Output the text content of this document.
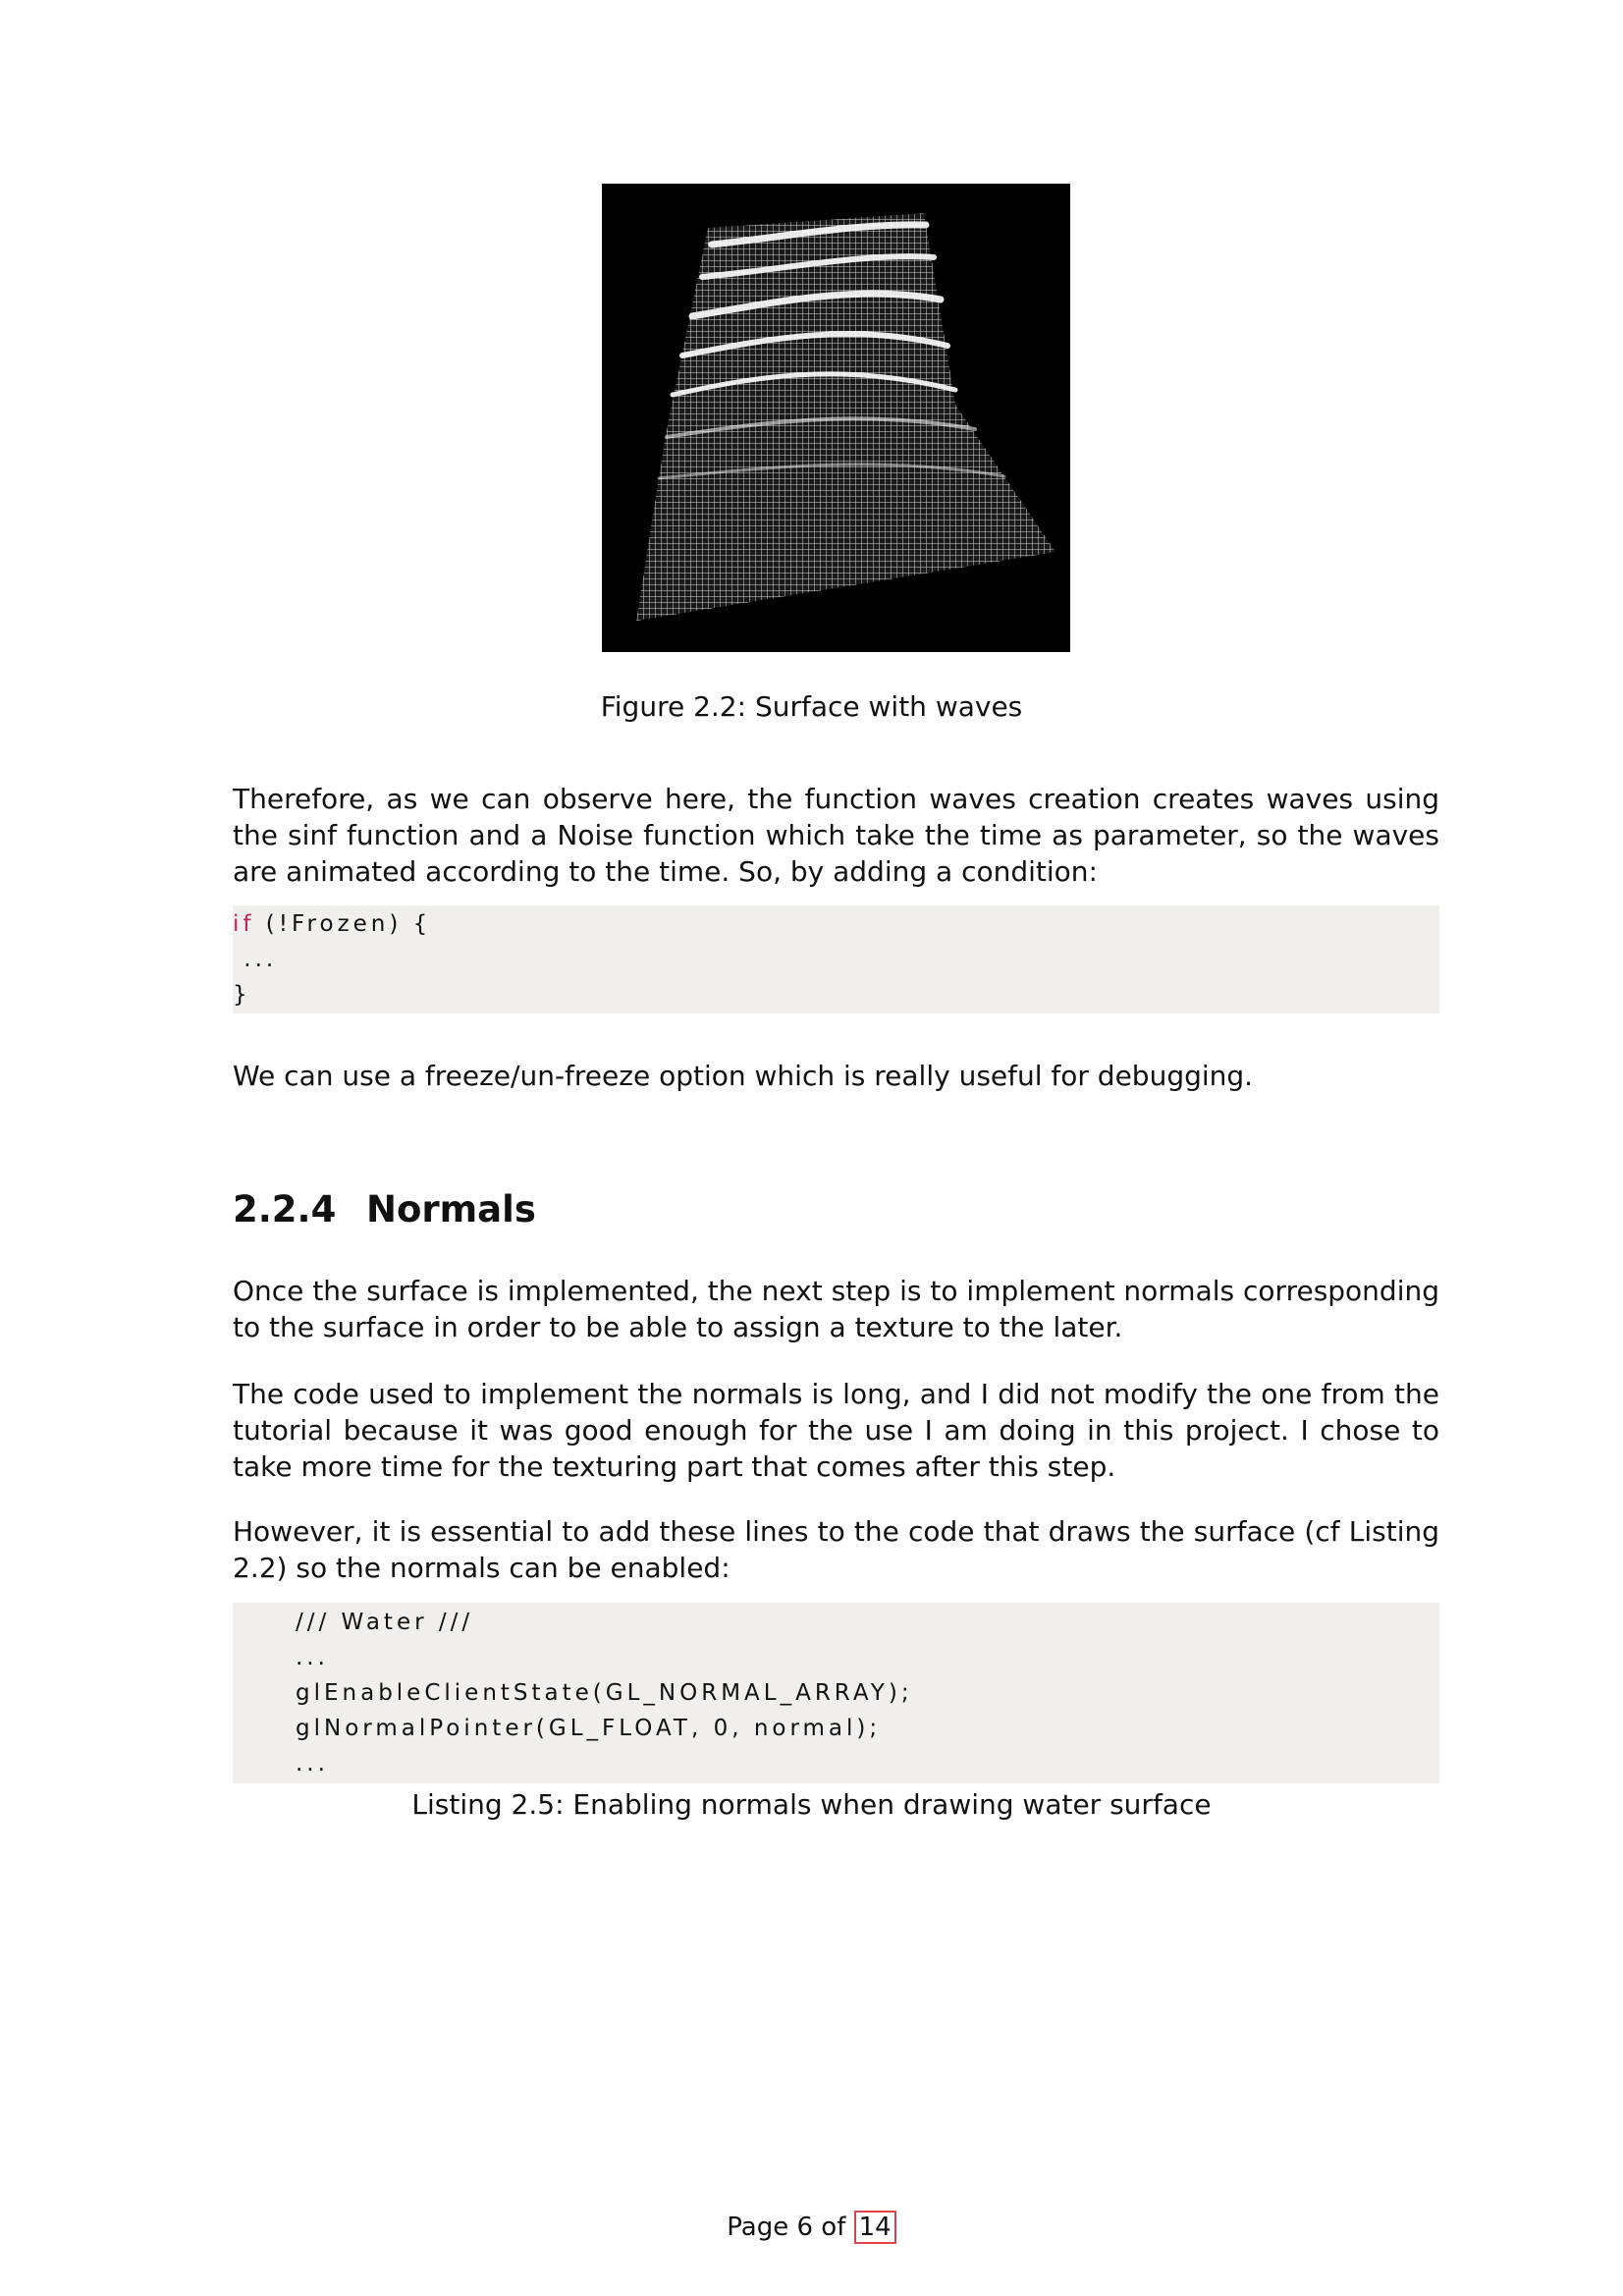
Figure 2.2: Surface with waves

Therefore, as we can observe here, the function waves creation creates waves using the sinf function and a Noise function which take the time as parameter, so the waves are animated according to the time. So, by adding a condition:

if (!Frozen) {
...
}

We can use a freeze/un-freeze option which is really useful for debugging.

2.2.4 Normals

Once the surface is implemented, the next step is to implement normals corresponding to the surface in order to be able to assign a texture to the later.

The code used to implement the normals is long, and I did not modify the one from the tutorial because it was good enough for the use I am doing in this project. I chose to take more time for the texturing part that comes after this step.

However, it is essential to add these lines to the code that draws the surface (cf Listing 2.2) so the normals can be enabled:

/// Water ///
...
glEnableClientState(GL_NORMAL_ARRAY);
glNormalPointer(GL_FLOAT, 0, normal);
...
Listing 2.5: Enabling normals when drawing water surface
Page 6 of 14
